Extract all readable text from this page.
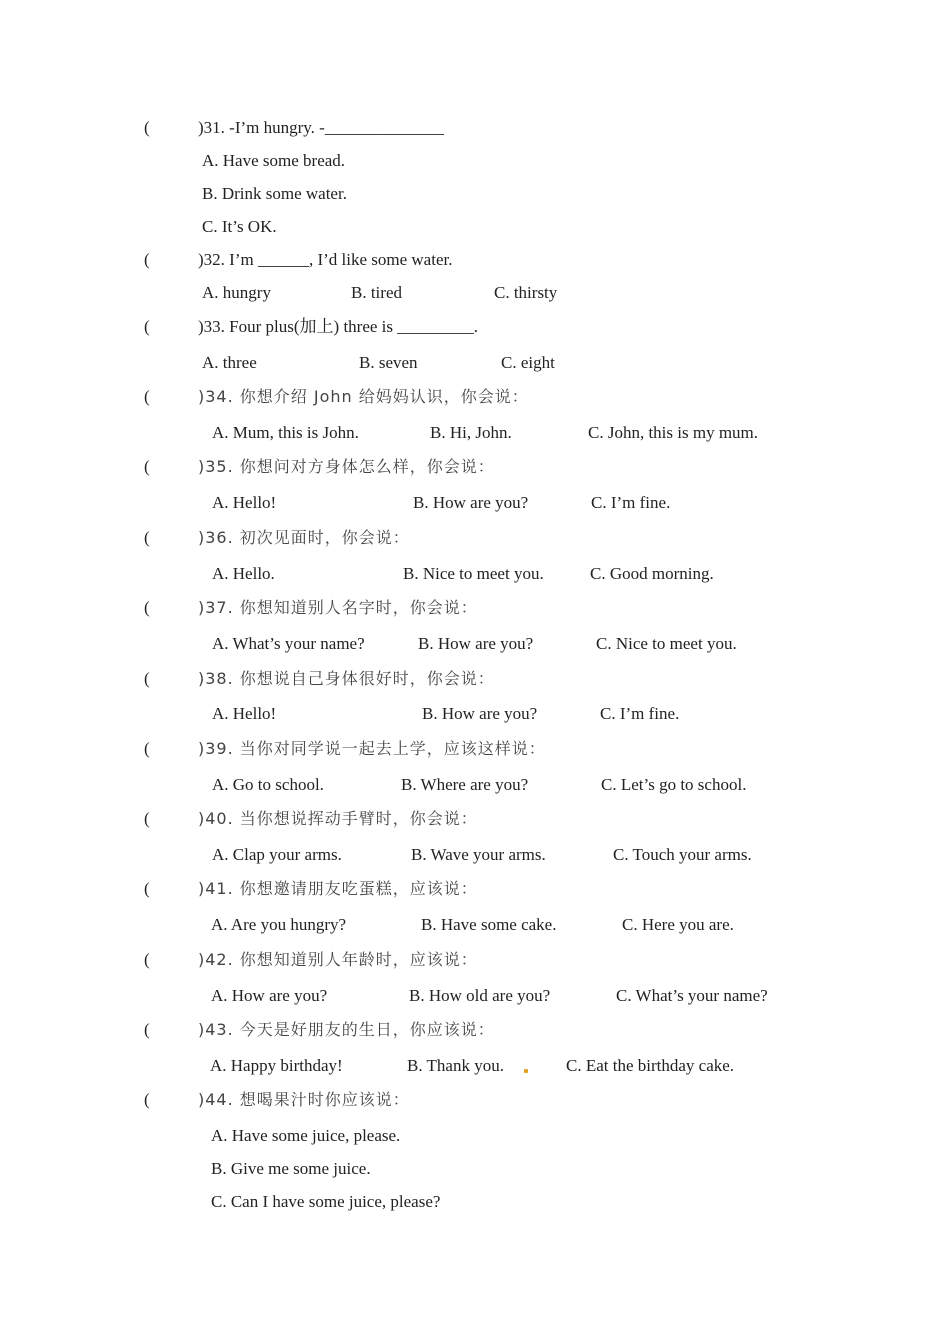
(	)31. -I’m hungry. -______________
A. Have some bread.
B. Drink some water.
C. It’s OK.
(	)32. I’m ______, I’d like some water.
A. hungry	B. tired	C. thirsty
(	)33. Four plus(加上) three is _________.
A. three	B. seven	C. eight
(	)34. 你想介绍 John 给妈妈认识，你会说：
A. Mum, this is John.	B. Hi, John.	C. John, this is my mum.
(	)35. 你想问对方身体怎么样，你会说：
A. Hello!	B. How are you?	C. I’m fine.
(	)36. 初次见面时，你会说：
A. Hello.	B. Nice to meet you.	C. Good morning.
(	)37. 你想知道别人名字时，你会说：
A. What’s your name?	B. How are you?	C. Nice to meet you.
(	)38. 你想说自己身体很好时，你会说：
A. Hello!	B. How are you?	C. I’m fine.
(	)39. 当你对同学说一起去上学，应该这样说：
A. Go to school.	B. Where are you?	C. Let’s go to school.
(	)40. 当你想说挥动手臂时，你会说：
A. Clap your arms.	B. Wave your arms.	C. Touch your arms.
(	)41. 你想邀请朋友吃蛋糕，应该说：
A. Are you hungry?	B. Have some cake.	C. Here you are.
(	)42. 你想知道别人年龄时，应该说：
A. How are you?	B. How old are you?	C. What’s your name?
(	)43. 今天是好朋友的生日，你应该说：
A. Happy birthday!	B. Thank you.	C. Eat the birthday cake.
(	)44. 想喝果汁时你应该说：
A. Have some juice, please.
B. Give me some juice.
C. Can I have some juice, please?
